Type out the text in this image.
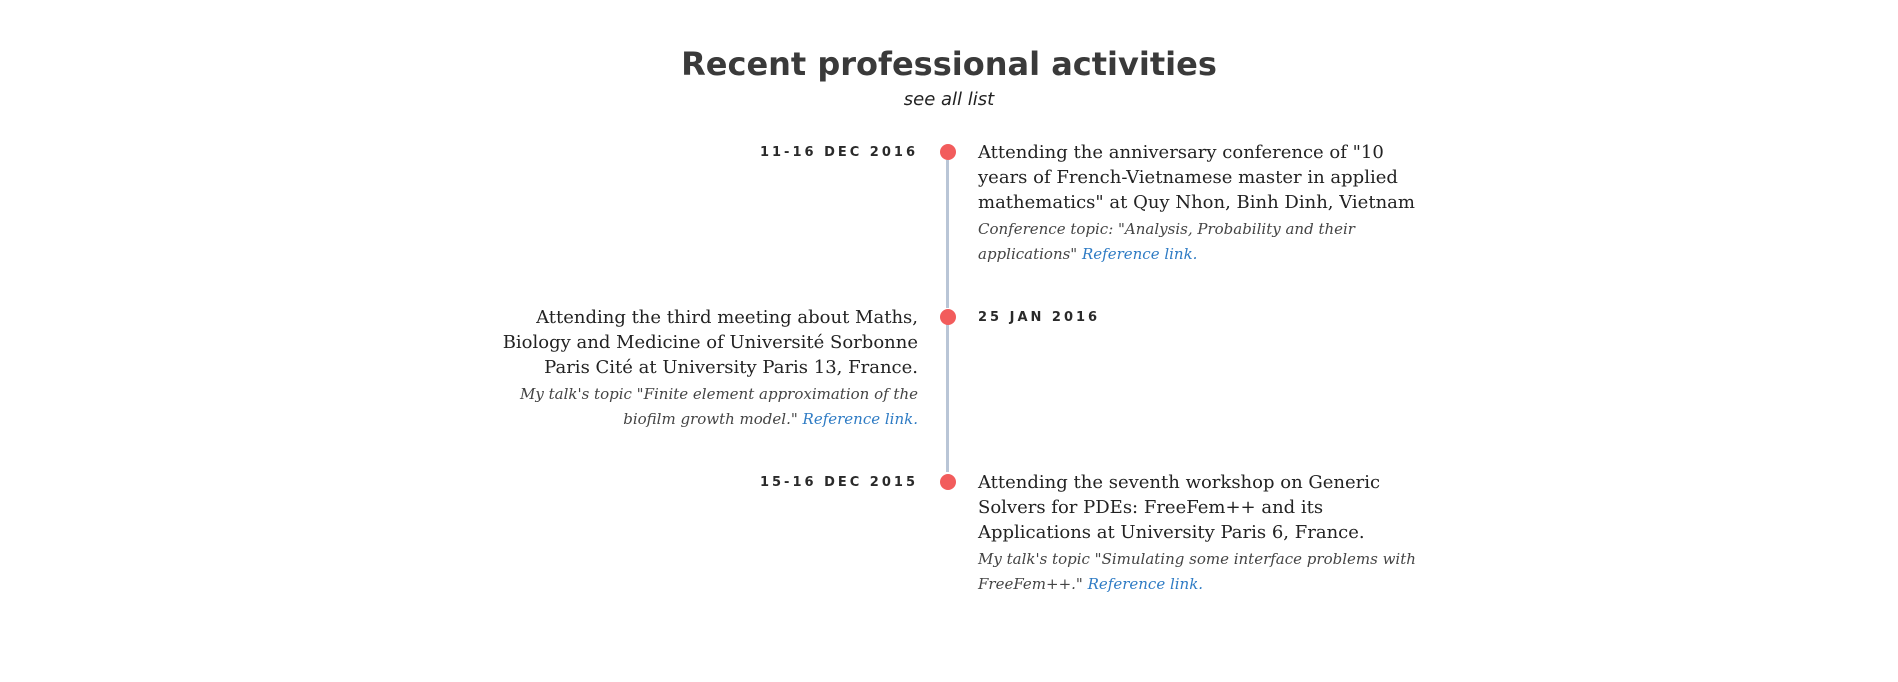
Recent professional activities
see all list
11-16 DEC 2016	Attending the anniversary conference of "10 years of French-Vietnamese master in applied mathematics" at Quy Nhon, Binh Dinh, Vietnam
Conference topic: "Analysis, Probability and their applications" Reference link.
25 JAN 2016
Attending the third meeting about Maths, Biology and Medicine of Université Sorbonne Paris Cité at University Paris 13, France.
My talk's topic "Finite element approximation of the biofilm growth model." Reference link.
15-16 DEC 2015	Attending the seventh workshop on Generic Solvers for PDEs: FreeFem++ and its Applications at University Paris 6, France.
My talk's topic "Simulating some interface problems with FreeFem++." Reference link.
